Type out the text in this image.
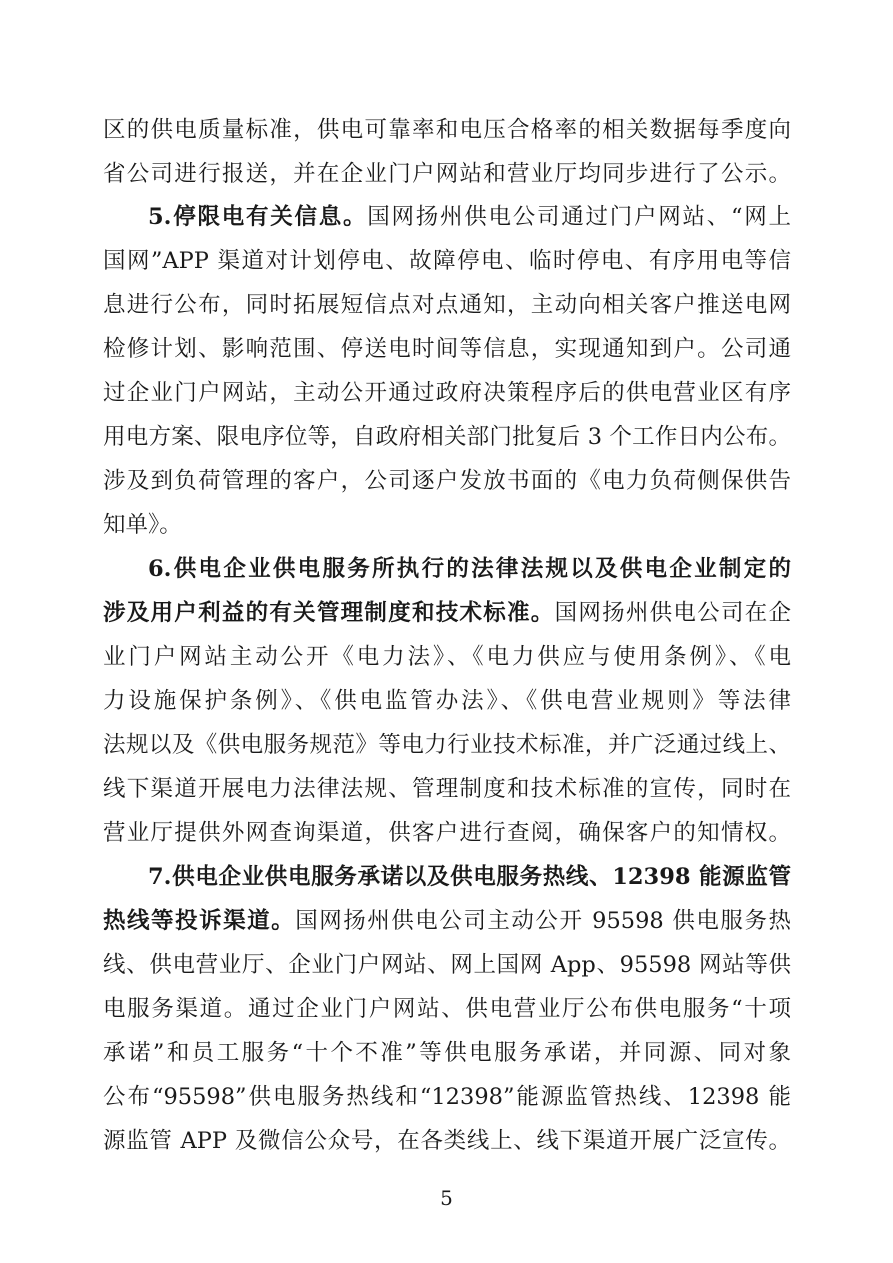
区的供电质量标准，供电可靠率和电压合格率的相关数据每季度向
省公司进行报送，并在企业门户网站和营业厅均同步进行了公示。
5.停限电有关信息。国网扬州供电公司通过门户网站、“网上
国网”APP 渠道对计划停电、故障停电、临时停电、有序用电等信
息进行公布，同时拓展短信点对点通知，主动向相关客户推送电网
检修计划、影响范围、停送电时间等信息，实现通知到户。公司通
过企业门户网站，主动公开通过政府决策程序后的供电营业区有序
用电方案、限电序位等，自政府相关部门批复后 3 个工作日内公布。
涉及到负荷管理的客户，公司逐户发放书面的《电力负荷侧保供告
知单》。
6.供电企业供电服务所执行的法律法规以及供电企业制定的
涉及用户利益的有关管理制度和技术标准。国网扬州供电公司在企
业门户网站主动公开《电力法》、《电力供应与使用条例》、《电
力设施保护条例》、《供电监管办法》、《供电营业规则》等法律
法规以及《供电服务规范》等电力行业技术标准，并广泛通过线上、
线下渠道开展电力法律法规、管理制度和技术标准的宣传，同时在
营业厅提供外网查询渠道，供客户进行查阅，确保客户的知情权。
7.供电企业供电服务承诺以及供电服务热线、12398 能源监管
热线等投诉渠道。国网扬州供电公司主动公开 95598 供电服务热
线、供电营业厅、企业门户网站、网上国网 App、95598 网站等供
电服务渠道。通过企业门户网站、供电营业厅公布供电服务“十项
承诺”和员工服务“十个不准”等供电服务承诺，并同源、同对象
公布“95598”供电服务热线和“12398”能源监管热线、12398 能
源监管 APP 及微信公众号，在各类线上、线下渠道开展广泛宣传。
5
